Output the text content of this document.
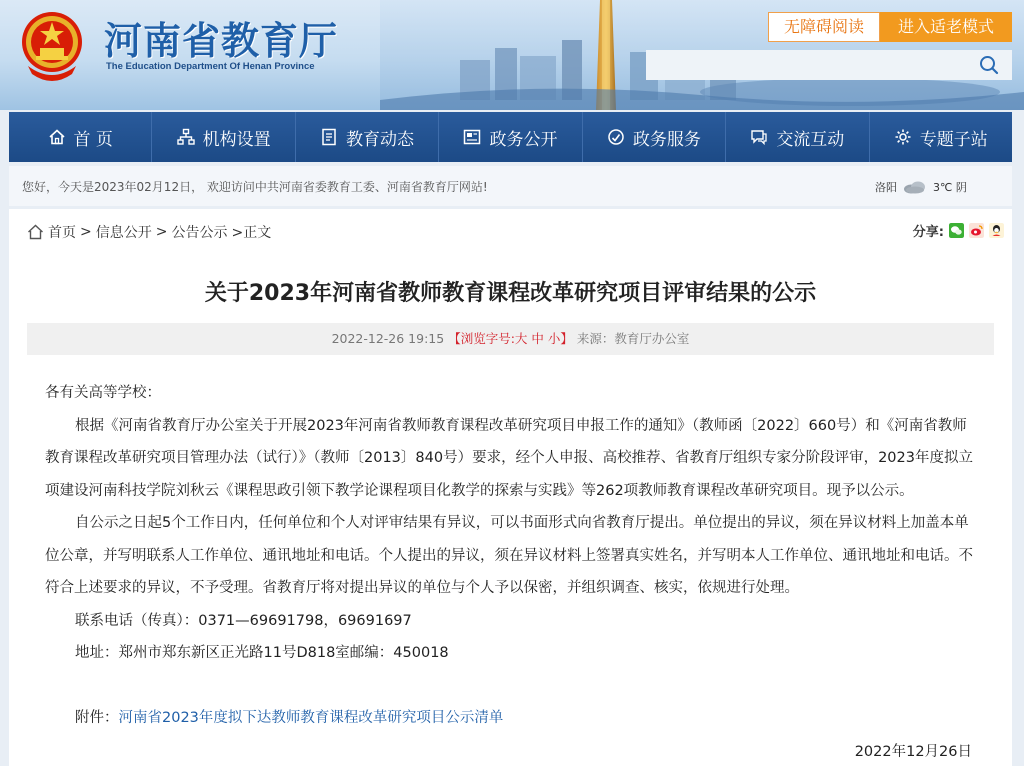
河南省教育厅
The Education Department Of Henan Province
无障碍阅读	进入适老模式
首 页	机构设置	教育动态	政务公开	政务服务	交流互动	专题子站
您好，今天是2023年02月12日， 欢迎访问中共河南省委教育工委、河南省教育厅网站!	洛阳	3℃ 阴
首页 > 信息公开 > 公告公示 >正文	分享:
关于2023年河南省教师教育课程改革研究项目评审结果的公示
2022-12-26 19:15 【浏览字号:大 中 小】 来源：教育厅办公室

各有关高等学校：

根据《河南省教育厅办公室关于开展2023年河南省教师教育课程改革研究项目申报工作的通知》（教师函〔2022〕660号）和《河南省教师教育课程改革研究项目管理办法（试行）》（教师〔2013〕840号）要求，经个人申报、高校推荐、省教育厅组织专家分阶段评审，2023年度拟立项建设河南科技学院刘秋云《课程思政引领下教学论课程项目化教学的探索与实践》等262项教师教育课程改革研究项目。现予以公示。

自公示之日起5个工作日内，任何单位和个人对评审结果有异议，可以书面形式向省教育厅提出。单位提出的异议，须在异议材料上加盖本单位公章，并写明联系人工作单位、通讯地址和电话。个人提出的异议，须在异议材料上签署真实姓名，并写明本人工作单位、通讯地址和电话。不符合上述要求的异议，不予受理。省教育厅将对提出异议的单位与个人予以保密，并组织调查、核实，依规进行处理。

联系电话（传真）：0371—69691798，69691697

地址：郑州市郑东新区正光路11号D818室邮编：450018

附件：河南省2023年度拟下达教师教育课程改革研究项目公示清单
2022年12月26日
